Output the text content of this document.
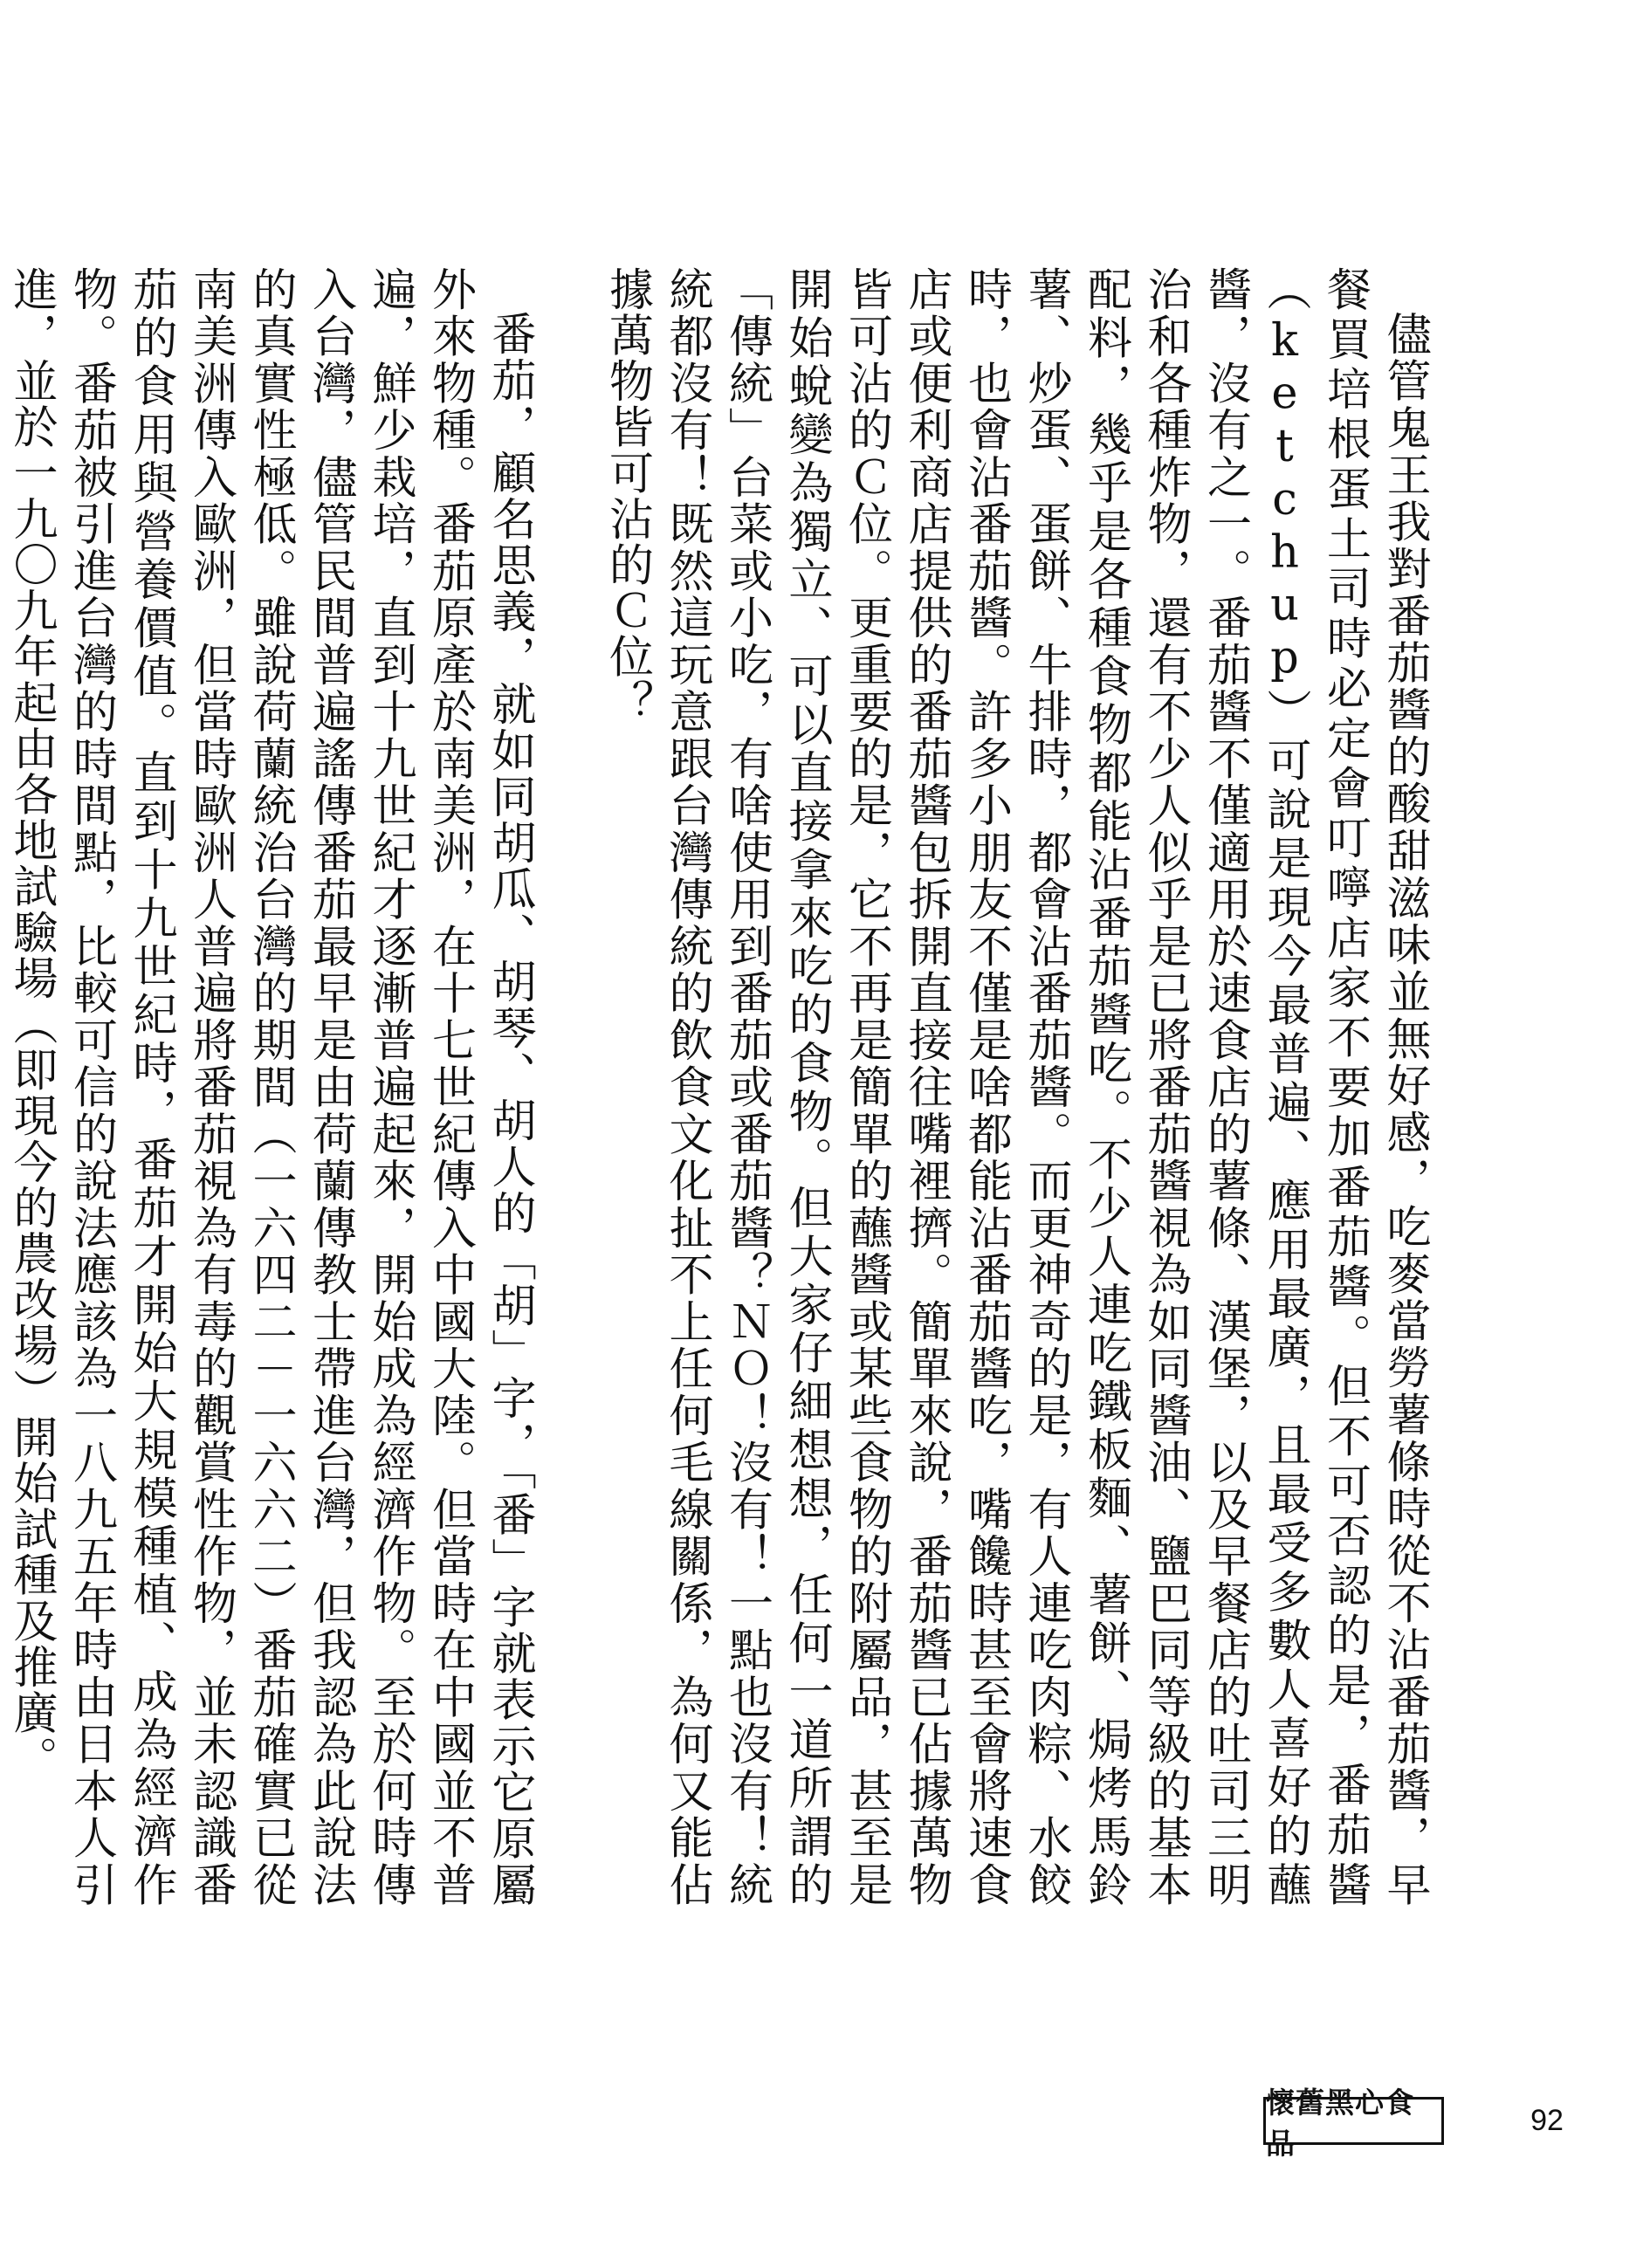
儘管鬼王我對番茄醬的酸甜滋味並無好感，吃麥當勞薯條時從不沾番茄醬，早餐買培根蛋土司時必定會叮嚀店家不要加番茄醬。但不可否認的是，番茄醬（ketchup）可說是現今最普遍、應用最廣，且最受多數人喜好的蘸醬，沒有之一。番茄醬不僅適用於速食店的薯條、漢堡，以及早餐店的吐司三明治和各種炸物，還有不少人似乎是已將番茄醬視為如同醬油、鹽巴同等級的基本配料，幾乎是各種食物都能沾番茄醬吃。不少人連吃鐵板麵、薯餅、焗烤馬鈴薯、炒蛋、蛋餅、牛排時，都會沾番茄醬。而更神奇的是，有人連吃肉粽、水餃時，也會沾番茄醬。許多小朋友不僅是啥都能沾番茄醬吃，嘴饞時甚至會將速食店或便利商店提供的番茄醬包拆開直接往嘴裡擠。簡單來說，番茄醬已佔據萬物皆可沾的Ｃ位。更重要的是，它不再是簡單的蘸醬或某些食物的附屬品，甚至是開始蛻變為獨立、可以直接拿來吃的食物。但大家仔細想想，任何一道所謂的「傳統」台菜或小吃，有啥使用到番茄或番茄醬？ＮＯ！沒有！一點也沒有！統統都沒有！既然這玩意跟台灣傳統的飲食文化扯不上任何毛線關係，為何又能佔據萬物皆可沾的Ｃ位？

番茄，顧名思義，就如同胡瓜、胡琴、胡人的「胡」字，「番」字就表示它原屬外來物種。番茄原產於南美洲，在十七世紀傳入中國大陸。但當時在中國並不普遍，鮮少栽培，直到十九世紀才逐漸普遍起來，開始成為經濟作物。至於何時傳入台灣，儘管民間普遍謠傳番茄最早是由荷蘭傳教士帶進台灣，但我認為此說法的真實性極低。雖說荷蘭統治台灣的期間（一六四二－一六六二）番茄確實已從南美洲傳入歐洲，但當時歐洲人普遍將番茄視為有毒的觀賞性作物，並未認識番茄的食用與營養價值。直到十九世紀時，番茄才開始大規模種植、成為經濟作物。番茄被引進台灣的時間點，比較可信的說法應該為一八九五年時由日本人引進，並於一九〇九年起由各地試驗場（即現今的農改場）開始試種及推廣。

懷舊黑心食品
92
